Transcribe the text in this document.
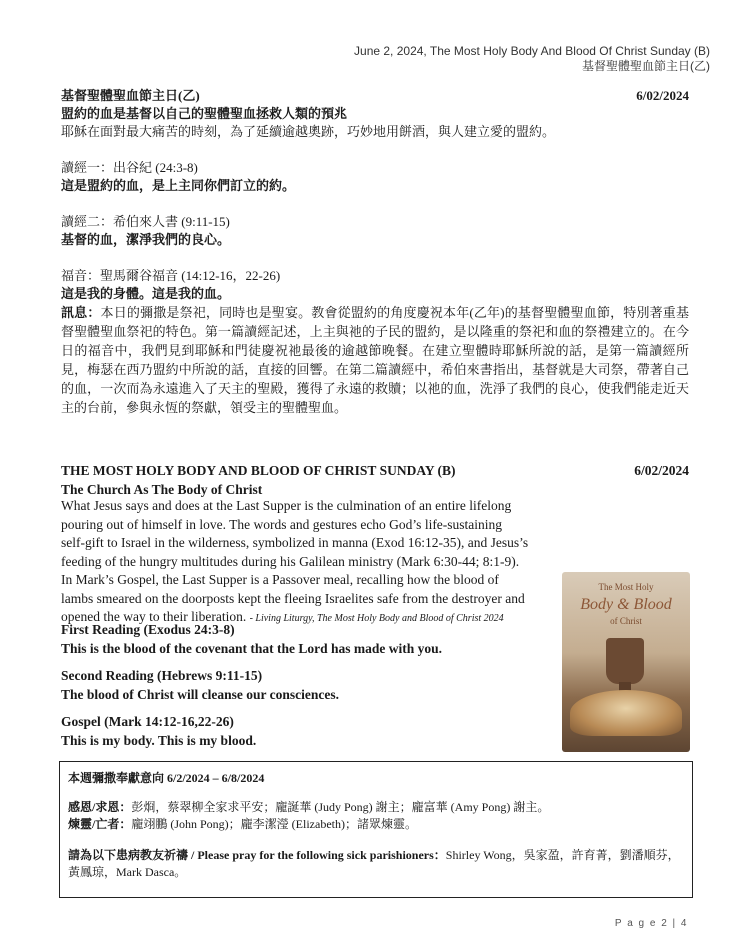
June 2, 2024, The Most Holy Body And Blood Of Christ Sunday (B)
基督聖體聖血節主日(乙)

基督聖體聖血節主日(乙)	6/02/2024

盟約的血是基督以自己的聖體聖血拯救人類的預兆

耶穌在面對最大痛苦的時刻，為了延續逾越奧跡，巧妙地用餅酒，與人建立愛的盟約。

讀經一：出谷紀 (24:3-8)

這是盟約的血，是上主同你們訂立的約。

讀經二：希伯來人書 (9:11-15)

基督的血，潔淨我們的良心。

福音：聖馬爾谷福音 (14:12-16，22-26)

這是我的身體。這是我的血。

訊息：本日的彌撒是祭祀，同時也是聖宴。教會從盟約的角度慶祝本年(乙年)的基督聖體聖血節，特別著重基督聖體聖血祭祀的特色。第一篇讀經記述，上主與祂的子民的盟約，是以隆重的祭祀和血的祭禮建立的。在今日的福音中，我們見到耶穌和門徒慶祝祂最後的逾越節晚餐。在建立聖體時耶穌所說的話，是第一篇讀經所見，梅瑟在西乃盟約中所說的話，直接的回響。在第二篇讀經中，希伯來書指出，基督就是大司祭，帶著自己的血，一次而為永遠進入了天主的聖殿，獲得了永遠的救贖；以祂的血，洗淨了我們的良心，使我們能走近天主的台前，參與永恆的祭獻，領受主的聖體聖血。

THE MOST HOLY BODY AND BLOOD OF CHRIST SUNDAY (B)	6/02/2024

The Church As The Body of Christ

What Jesus says and does at the Last Supper is the culmination of an entire lifelong pouring out of himself in love. The words and gestures echo God’s life-sustaining self-gift to Israel in the wilderness, symbolized in manna (Exod 16:12-35), and Jesus’s feeding of the hungry multitudes during his Galilean ministry (Mark 6:30-44; 8:1-9). In Mark’s Gospel, the Last Supper is a Passover meal, recalling how the blood of lambs smeared on the doorposts kept the fleeing Israelites safe from the destroyer and opened the way to their liberation. - Living Liturgy, The Most Holy Body and Blood of Christ 2024

First Reading (Exodus 24:3-8)

This is the blood of the covenant that the Lord has made with you.

Second Reading (Hebrews 9:11-15)

The blood of Christ will cleanse our consciences.

Gospel (Mark 14:12-16,22-26)

This is my body. This is my blood.

The Most Holy
Body & Blood
of Christ

本週彌撒奉獻意向 6/2/2024 – 6/8/2024

感恩/求恩：彭烱，蔡翠柳全家求平安；龐誕華 (Judy Pong) 謝主；龐富華 (Amy Pong) 謝主。

煉靈/亡者：龐翊鵬 (John Pong)；龐李潔瀅 (Elizabeth)；諸眾煉靈。

請為以下患病教友祈禱 / Please pray for the following sick parishioners：Shirley Wong，吳家盈，許育菁，劉潘順芬，黃鳳琼，Mark Dasca。

P a g e 2 | 4
